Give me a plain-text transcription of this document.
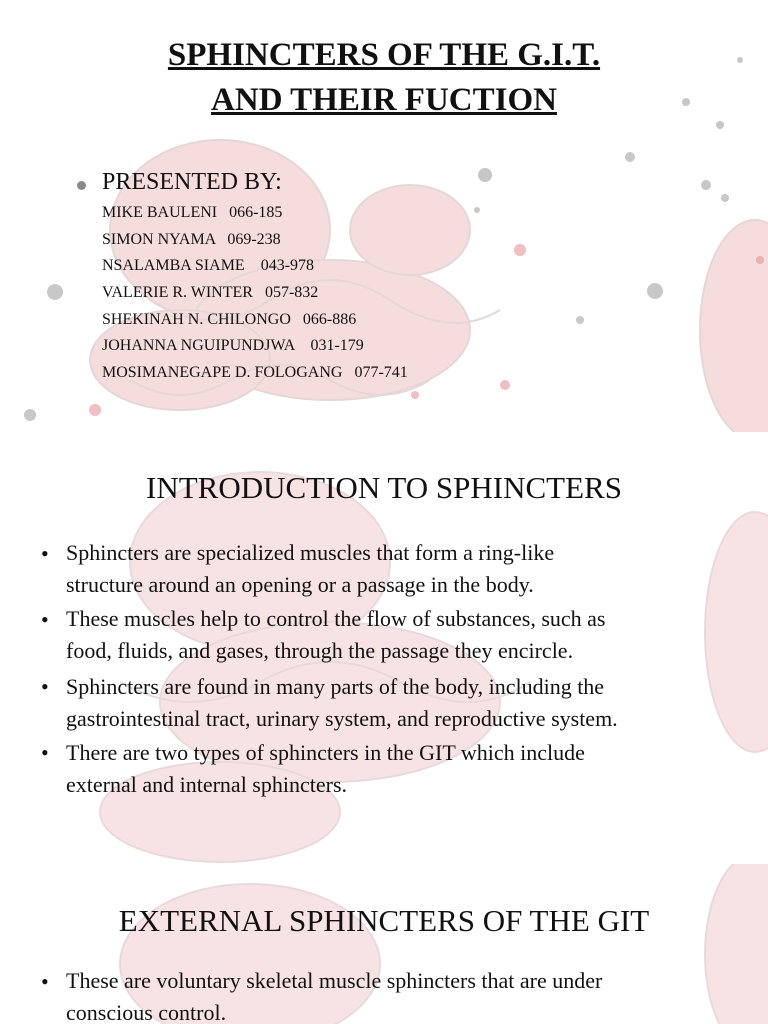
SPHINCTERS OF THE G.I.T.
AND THEIR FUCTION
PRESENTED BY:
MIKE BAULENI   066-185
SIMON NYAMA   069-238
NSALAMBA SIAME    043-978
VALERIE R. WINTER   057-832
SHEKINAH N. CHILONGO   066-886
JOHANNA NGUIPUNDJWA    031-179
MOSIMANEGAPE D. FOLOGANG   077-741
INTRODUCTION TO SPHINCTERS
• Sphincters are specialized muscles that form a ring-like
structure around an opening or a passage in the body.
• These muscles help to control the flow of substances, such as
food, fluids, and gases, through the passage they encircle.
• Sphincters are found in many parts of the body, including the
gastrointestinal tract, urinary system, and reproductive system.
• There are two types of sphincters in the GIT which include
external and internal sphincters.
EXTERNAL SPHINCTERS OF THE GIT
• These are voluntary skeletal muscle sphincters that are under
conscious control.
